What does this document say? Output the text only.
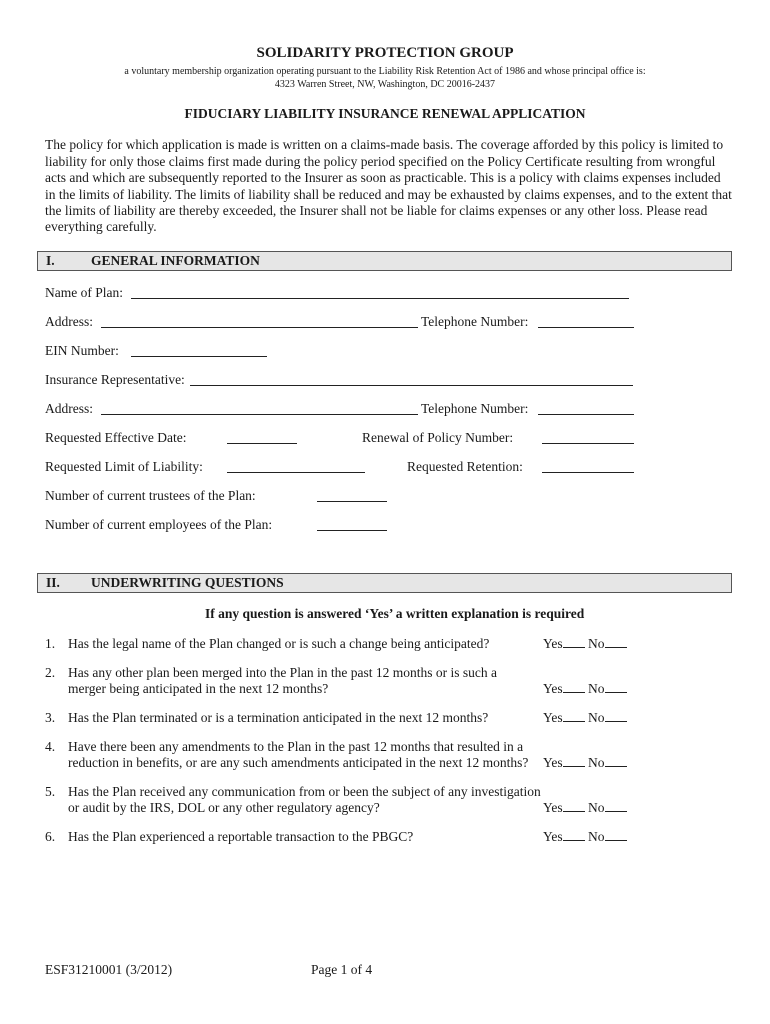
SOLIDARITY PROTECTION GROUP
a voluntary membership organization operating pursuant to the Liability Risk Retention Act of 1986 and whose principal office is:
4323 Warren Street, NW, Washington, DC 20016-2437
FIDUCIARY LIABILITY INSURANCE RENEWAL APPLICATION
The policy for which application is made is written on a claims-made basis. The coverage afforded by this policy is limited to
liability for only those claims first made during the policy period specified on the Policy Certificate resulting from wrongful
acts and which are subsequently reported to the Insurer as soon as practicable. This is a policy with claims expenses included
in the limits of liability. The limits of liability shall be reduced and may be exhausted by claims expenses, and to the extent that
the limits of liability are thereby exceeded, the Insurer shall not be liable for claims expenses or any other loss. Please read
everything carefully.
I.	GENERAL INFORMATION
Name of Plan:
Address:	Telephone Number:
EIN Number:
Insurance Representative:
Address:	Telephone Number:
Requested Effective Date:	Renewal of Policy Number:
Requested Limit of Liability:	Requested Retention:
Number of current trustees of the Plan:
Number of current employees of the Plan:
II. UNDERWRITING QUESTIONS
If any question is answered ‘Yes’ a written explanation is required
1. Has the legal name of the Plan changed or is such a change being anticipated?	Yes No
2. Has any other plan been merged into the Plan in the past 12 months or is such a
merger being anticipated in the next 12 months?	Yes No
3. Has the Plan terminated or is a termination anticipated in the next 12 months?	Yes No
4. Have there been any amendments to the Plan in the past 12 months that resulted in a
reduction in benefits, or are any such amendments anticipated in the next 12 months? Yes No
5. Has the Plan received any communication from or been the subject of any investigation
or audit by the IRS, DOL or any other regulatory agency?	Yes No
6. Has the Plan experienced a reportable transaction to the PBGC?	Yes No
ESF31210001 (3/2012)	Page 1 of 4
